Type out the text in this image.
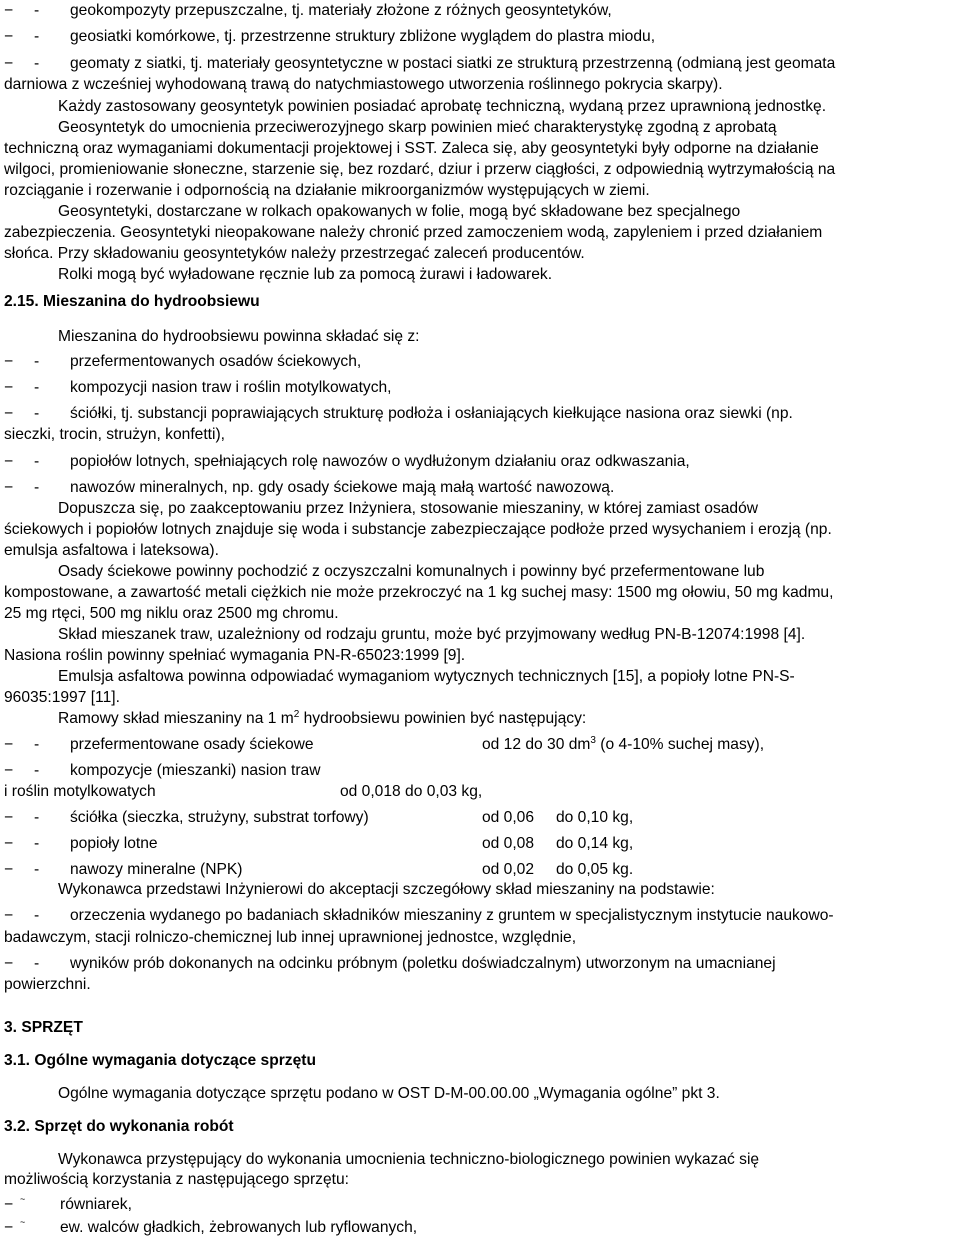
− - geokompozyty przepuszczalne, tj. materiały złożone z różnych geosyntetyków,
− - geosiatki komórkowe, tj. przestrzenne struktury zbliżone wyglądem do plastra miodu,
− - geomaty z siatki, tj. materiały geosyntetyczne w postaci siatki ze strukturą przestrzenną (odmianą jest geomata
darniowa z wcześniej wyhodowaną trawą do natychmiastowego utworzenia roślinnego pokrycia skarpy).
Każdy zastosowany geosyntetyk powinien posiadać aprobatę techniczną, wydaną przez uprawnioną jednostkę.
Geosyntetyk do umocnienia przeciwerozyjnego skarp powinien mieć charakterystykę zgodną z aprobatą
techniczną oraz wymaganiami dokumentacji projektowej i SST. Zaleca się, aby geosyntetyki były odporne na działanie
wilgoci, promieniowanie słoneczne, starzenie się, bez rozdarć, dziur i przerw ciągłości, z odpowiednią wytrzymałością na
rozciąganie i rozerwanie i odpornością na działanie mikroorganizmów występujących w ziemi.
Geosyntetyki, dostarczane w rolkach opakowanych w folie, mogą być składowane bez specjalnego
zabezpieczenia. Geosyntetyki nieopakowane należy chronić przed zamoczeniem wodą, zapyleniem i przed działaniem
słońca. Przy składowaniu geosyntetyków należy przestrzegać zaleceń producentów.
Rolki mogą być wyładowane ręcznie lub za pomocą żurawi i ładowarek.
2.15. Mieszanina do hydroobsiewu
Mieszanina do hydroobsiewu powinna składać się z:
− - przefermentowanych osadów ściekowych,
− - kompozycji nasion traw i roślin motylkowatych,
− - ściółki, tj. substancji poprawiających strukturę podłoża i osłaniających kiełkujące nasiona oraz siewki (np.
sieczki, trocin, strużyn, konfetti),
− - popiołów lotnych, spełniających rolę nawozów o wydłużonym działaniu oraz odkwaszania,
− - nawozów mineralnych, np. gdy osady ściekowe mają małą wartość nawozową.
Dopuszcza się, po zaakceptowaniu przez Inżyniera, stosowanie mieszaniny, w której zamiast osadów
ściekowych i popiołów lotnych znajduje się woda i substancje zabezpieczające podłoże przed wysychaniem i erozją (np.
emulsja asfaltowa i lateksowa).
Osady ściekowe powinny pochodzić z oczyszczalni komunalnych i powinny być przefermentowane lub
kompostowane, a zawartość metali ciężkich nie może przekroczyć na 1 kg suchej masy: 1500 mg ołowiu, 50 mg kadmu,
25 mg rtęci, 500 mg niklu oraz 2500 mg chromu.
Skład mieszanek traw, uzależniony od rodzaju gruntu, może być przyjmowany według PN-B-12074:1998 [4].
Nasiona roślin powinny spełniać wymagania PN-R-65023:1999 [9].
Emulsja asfaltowa powinna odpowiadać wymaganiom wytycznych technicznych [15], a popioły lotne PN-S-
96035:1997 [11].
Ramowy skład mieszaniny na 1 $m^2$ hydroobsiewu powinien być następujący:
− - przefermentowane osady ściekowe	od 12 do 30 $dm^3$ (o 4-10% suchej masy),
− - kompozycje (mieszanki) nasion traw
i roślin motylkowatych	od 0,018 do 0,03 kg,
− - ściółka (sieczka, strużyny, substrat torfowy)	od 0,06 do 0,10 kg,
− - popioły lotne	od 0,08 do 0,14 kg,
− - nawozy mineralne (NPK)	od 0,02 do 0,05 kg.
Wykonawca przedstawi Inżynierowi do akceptacji szczegółowy skład mieszaniny na podstawie:
− - orzeczenia wydanego po badaniach składników mieszaniny z gruntem w specjalistycznym instytucie naukowo-
badawczym, stacji rolniczo-chemicznej lub innej uprawnionej jednostce, względnie,
− - wyników prób dokonanych na odcinku próbnym (poletku doświadczalnym) utworzonym na umacnianej
powierzchni.
3. SPRZĘT
3.1. Ogólne wymagania dotyczące sprzętu
Ogólne wymagania dotyczące sprzętu podano w OST D-M-00.00.00 „Wymagania ogólne” pkt 3.
3.2. Sprzęt do wykonania robót
Wykonawca przystępujący do wykonania umocnienia techniczno-biologicznego powinien wykazać się
możliwością korzystania z następującego sprzętu:
− ~ równiarek,
− ~ ew. walców gładkich, żebrowanych lub ryflowanych,
